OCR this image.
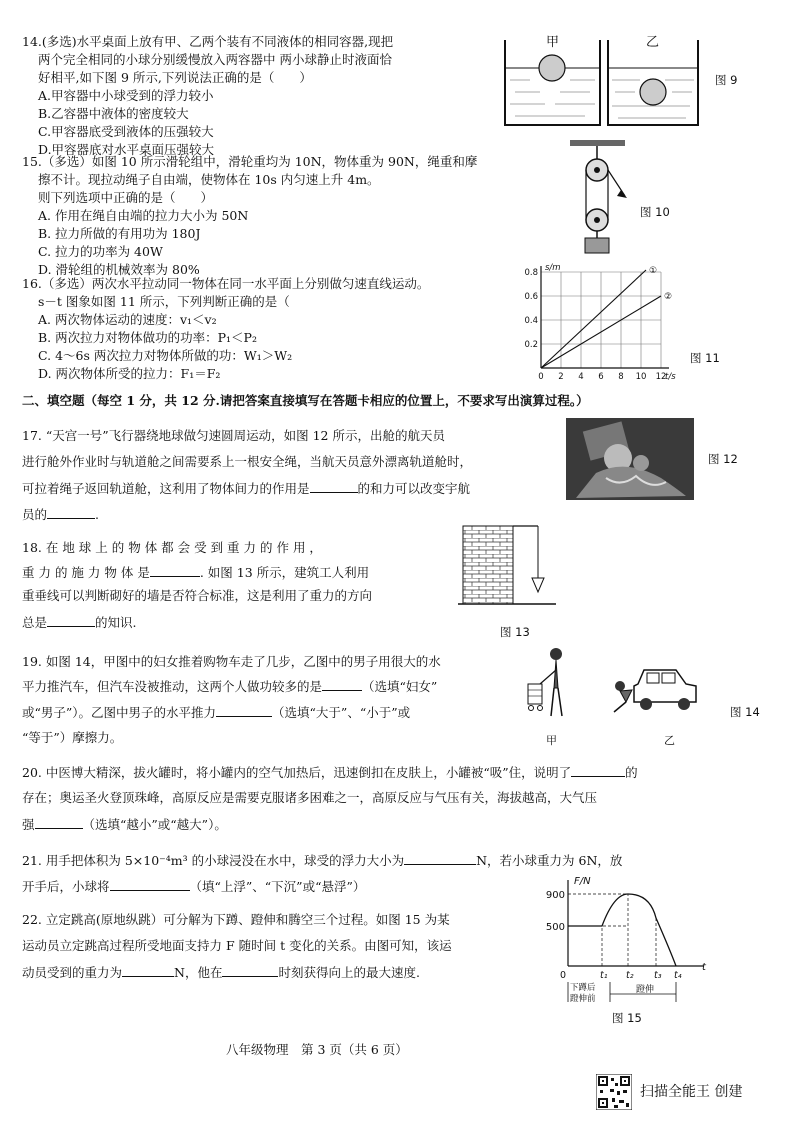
14.(多选)水平桌面上放有甲、乙两个装有不同液体的相同容器,现把
两个完全相同的小球分别缓慢放入两容器中 两小球静止时液面恰
好相平,如下图 9 所示,下列说法正确的是（　　）
A.甲容器中小球受到的浮力较小
B.乙容器中液体的密度较大
C.甲容器底受到液体的压强较大
D.甲容器底对水平桌面压强较大
甲	乙
图 9
15.（多选）如图 10 所示滑轮组中，滑轮重均为 10N，物体重为 90N，绳重和摩
擦不计。现拉动绳子自由端，使物体在 10s 内匀速上升 4m。
则下列选项中正确的是（　　）
A. 作用在绳自由端的拉力大小为 50N
B. 拉力所做的有用功为 180J
C. 拉力的功率为 40W
D. 滑轮组的机械效率为 80%
图 10
16.（多选）两次水平拉动同一物体在同一水平面上分别做匀速直线运动。
s－t 图象如图 11 所示，下列判断正确的是（
A. 两次物体运动的速度：v₁＜v₂
B. 两次拉力对物体做功的功率：P₁＜P₂
C. 4～6s 两次拉力对物体所做的功：W₁＞W₂
D. 两次物体所受的拉力：F₁＝F₂	0 2 4 6 8 10 12
0.2
0.4
0.6
0.8
t/s
s/m	①
②
图 11
二、填空题（每空 1 分，共 12 分.请把答案直接填写在答题卡相应的位置上，不要求写出演算过程。）
17. “天宫一号”飞行器绕地球做匀速圆周运动，如图 12 所示，出舱的航天员
进行舱外作业时与轨道舱之间需要系上一根安全绳，当航天员意外漂离轨道舱时，
可拉着绳子返回轨道舱，这利用了物体间力的作用是	的和力可以改变宇航
员的	.
图 12
18. 在 地 球 上 的 物 体 都 会 受 到 重 力 的 作 用 ，
重 力 的 施 力 物 体 是	. 如图 13 所示，建筑工人利用
重垂线可以判断砌好的墙是否符合标准，这是利用了重力的方向
总是	的知识.
图 13
19. 如图 14，甲图中的妇女推着购物车走了几步，乙图中的男子用很大的水
平力推汽车，但汽车没被推动，这两个人做功较多的是	（选填“妇女”
或“男子”）。乙图中男子的水平推力	（选填“大于”、“小于”或
“等于”）摩擦力。	甲	乙
图 14
20. 中医博大精深，拔火罐时，将小罐内的空气加热后，迅速倒扣在皮肤上，小罐被“吸”住，说明了	的
存在；奥运圣火登顶珠峰，高原反应是需要克服诸多困难之一，高原反应与气压有关，海拔越高，大气压
强	（选填“越小”或“越大”）。
21. 用手把体积为 5×10⁻⁴m³ 的小球浸没在水中，球受的浮力大小为	N，若小球重力为 6N，放
开手后，小球将	（填“上浮”、“下沉”或“悬浮”）
22. 立定跳高(原地纵跳）可分解为下蹲、蹬伸和腾空三个过程。如图 15 为某
运动员立定跳高过程所受地面支持力 F 随时间 t 变化的关系。由图可知，该运
动员受到的重力为	N，他在	时刻获得向上的最大速度.
F/N
t
500
900
0	t₁ t₂ t₃ t₄
下蹲后
蹬伸前
蹬伸
图 15
八年级物理　第 3 页（共 6 页）
扫描全能王 创建
